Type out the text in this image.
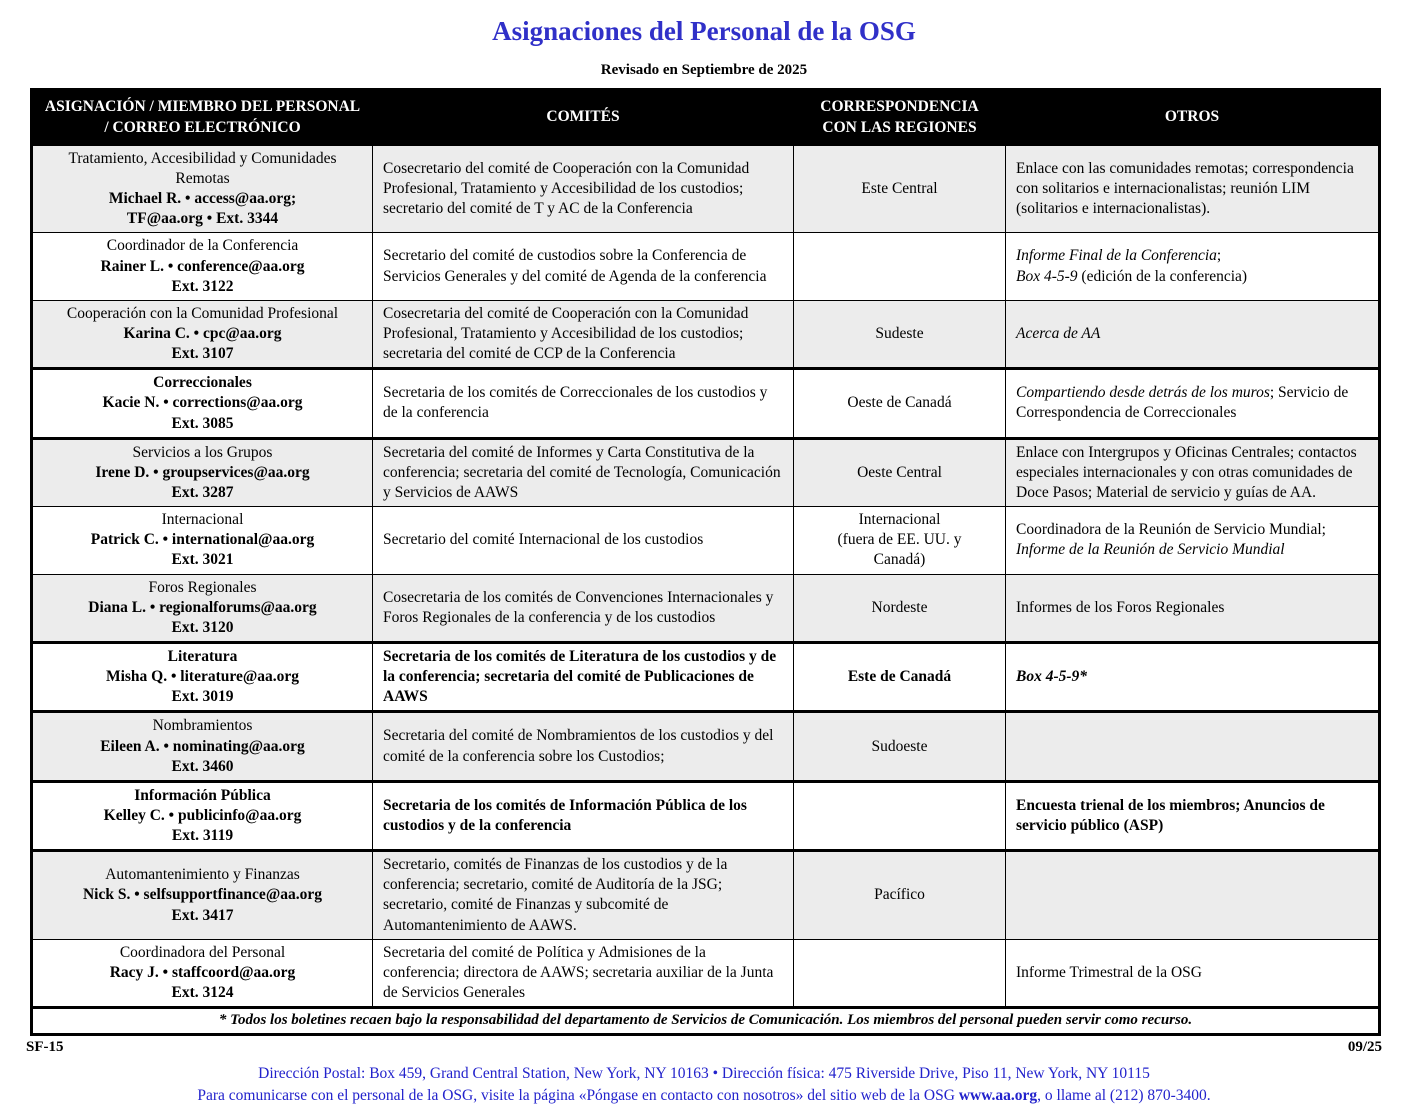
Asignaciones del Personal de la OSG
Revisado en Septiembre de 2025
ASIGNACIÓN / MIEMBRO DEL PERSONAL / CORREO ELECTRÓNICO	COMITÉS	CORRESPONDENCIA CON LAS REGIONES	OTROS

Tratamiento, Accesibilidad y Comunidades Remotas
Michael R. • access@aa.org;
TF@aa.org • Ext. 3344	Cosecretario del comité de Cooperación con la Comunidad Profesional, Tratamiento y Accesibilidad de los custodios; secretario del comité de T y AC de la Conferencia	Este Central	Enlace con las comunidades remotas; correspondencia con solitarios e internacionalistas; reunión LIM (solitarios e internacionalistas).

Coordinador de la Conferencia
Rainer L. • conference@aa.org
Ext. 3122
	Secretario del comité de custodios sobre la Conferencia de Servicios Generales y del comité de Agenda de la conferencia		Informe Final de la Conferencia;
Box 4-5-9 (edición de la conferencia)

Cooperación con la Comunidad Profesional
Karina C. • cpc@aa.org
Ext. 3107	Cosecretaria del comité de Cooperación con la Comunidad Profesional, Tratamiento y Accesibilidad de los custodios; secretaria del comité de CCP de la Conferencia	Sudeste	Acerca de AA

Correccionales
Kacie N. • corrections@aa.org
Ext. 3085	Secretaria de los comités de Correccionales de los custodios y de la conferencia	Oeste de Canadá	Compartiendo desde detrás de los muros; Servicio de Correspondencia de Correccionales

Servicios a los Grupos
Irene D. • groupservices@aa.org
Ext. 3287	Secretaria del comité de Informes y Carta Constitutiva de la conferencia; secretaria del comité de Tecnología, Comunicación y Servicios de AAWS	Oeste Central	Enlace con Intergrupos y Oficinas Centrales; contactos especiales internacionales y con otras comunidades de Doce Pasos; Material de servicio y guías de AA.

Internacional
Patrick C. • international@aa.org
Ext. 3021
	Secretario del comité Internacional de los custodios	Internacional
(fuera de EE. UU. y
Canadá)	Coordinadora de la Reunión de Servicio Mundial;
Informe de la Reunión de Servicio Mundial

Foros Regionales
Diana L. • regionalforums@aa.org
Ext. 3120	Cosecretaria de los comités de Convenciones Internacionales y Foros Regionales de la conferencia y de los custodios	Nordeste	Informes de los Foros Regionales

Literatura
Misha Q. • literature@aa.org
Ext. 3019	Secretaria de los comités de Literatura de los custodios y de la conferencia; secretaria del comité de Publicaciones de AAWS	Este de Canadá	Box 4-5-9*

Nombramientos
Eileen A. • nominating@aa.org
Ext. 3460	Secretaria del comité de Nombramientos de los custodios y del comité de la conferencia sobre los Custodios;	Sudoeste	

Información Pública
Kelley C. • publicinfo@aa.org
Ext. 3119	Secretaria de los comités de Información Pública de los custodios y de la conferencia		Encuesta trienal de los miembros; Anuncios de servicio público (ASP)

Automantenimiento y Finanzas
Nick S. • selfsupportfinance@aa.org
Ext. 3417	Secretario, comités de Finanzas de los custodios y de la conferencia; secretario, comité de Auditoría de la JSG; secretario, comité de Finanzas y subcomité de Automantenimiento de AAWS.	Pacífico	

Coordinadora del Personal
Racy J. • staffcoord@aa.org
Ext. 3124	Secretaria del comité de Política y Admisiones de la conferencia; directora de AAWS; secretaria auxiliar de la Junta de Servicios Generales		Informe Trimestral de la OSG
* Todos los boletines recaen bajo la responsabilidad del departamento de Servicios de Comunicación. Los miembros del personal pueden servir como recurso.			
SF-15	09/25
Dirección Postal: Box 459, Grand Central Station, New York, NY 10163 • Dirección física: 475 Riverside Drive, Piso 11, New York, NY 10115
Para comunicarse con el personal de la OSG, visite la página «Póngase en contacto con nosotros» del sitio web de la OSG www.aa.org, o llame al (212) 870-3400.
